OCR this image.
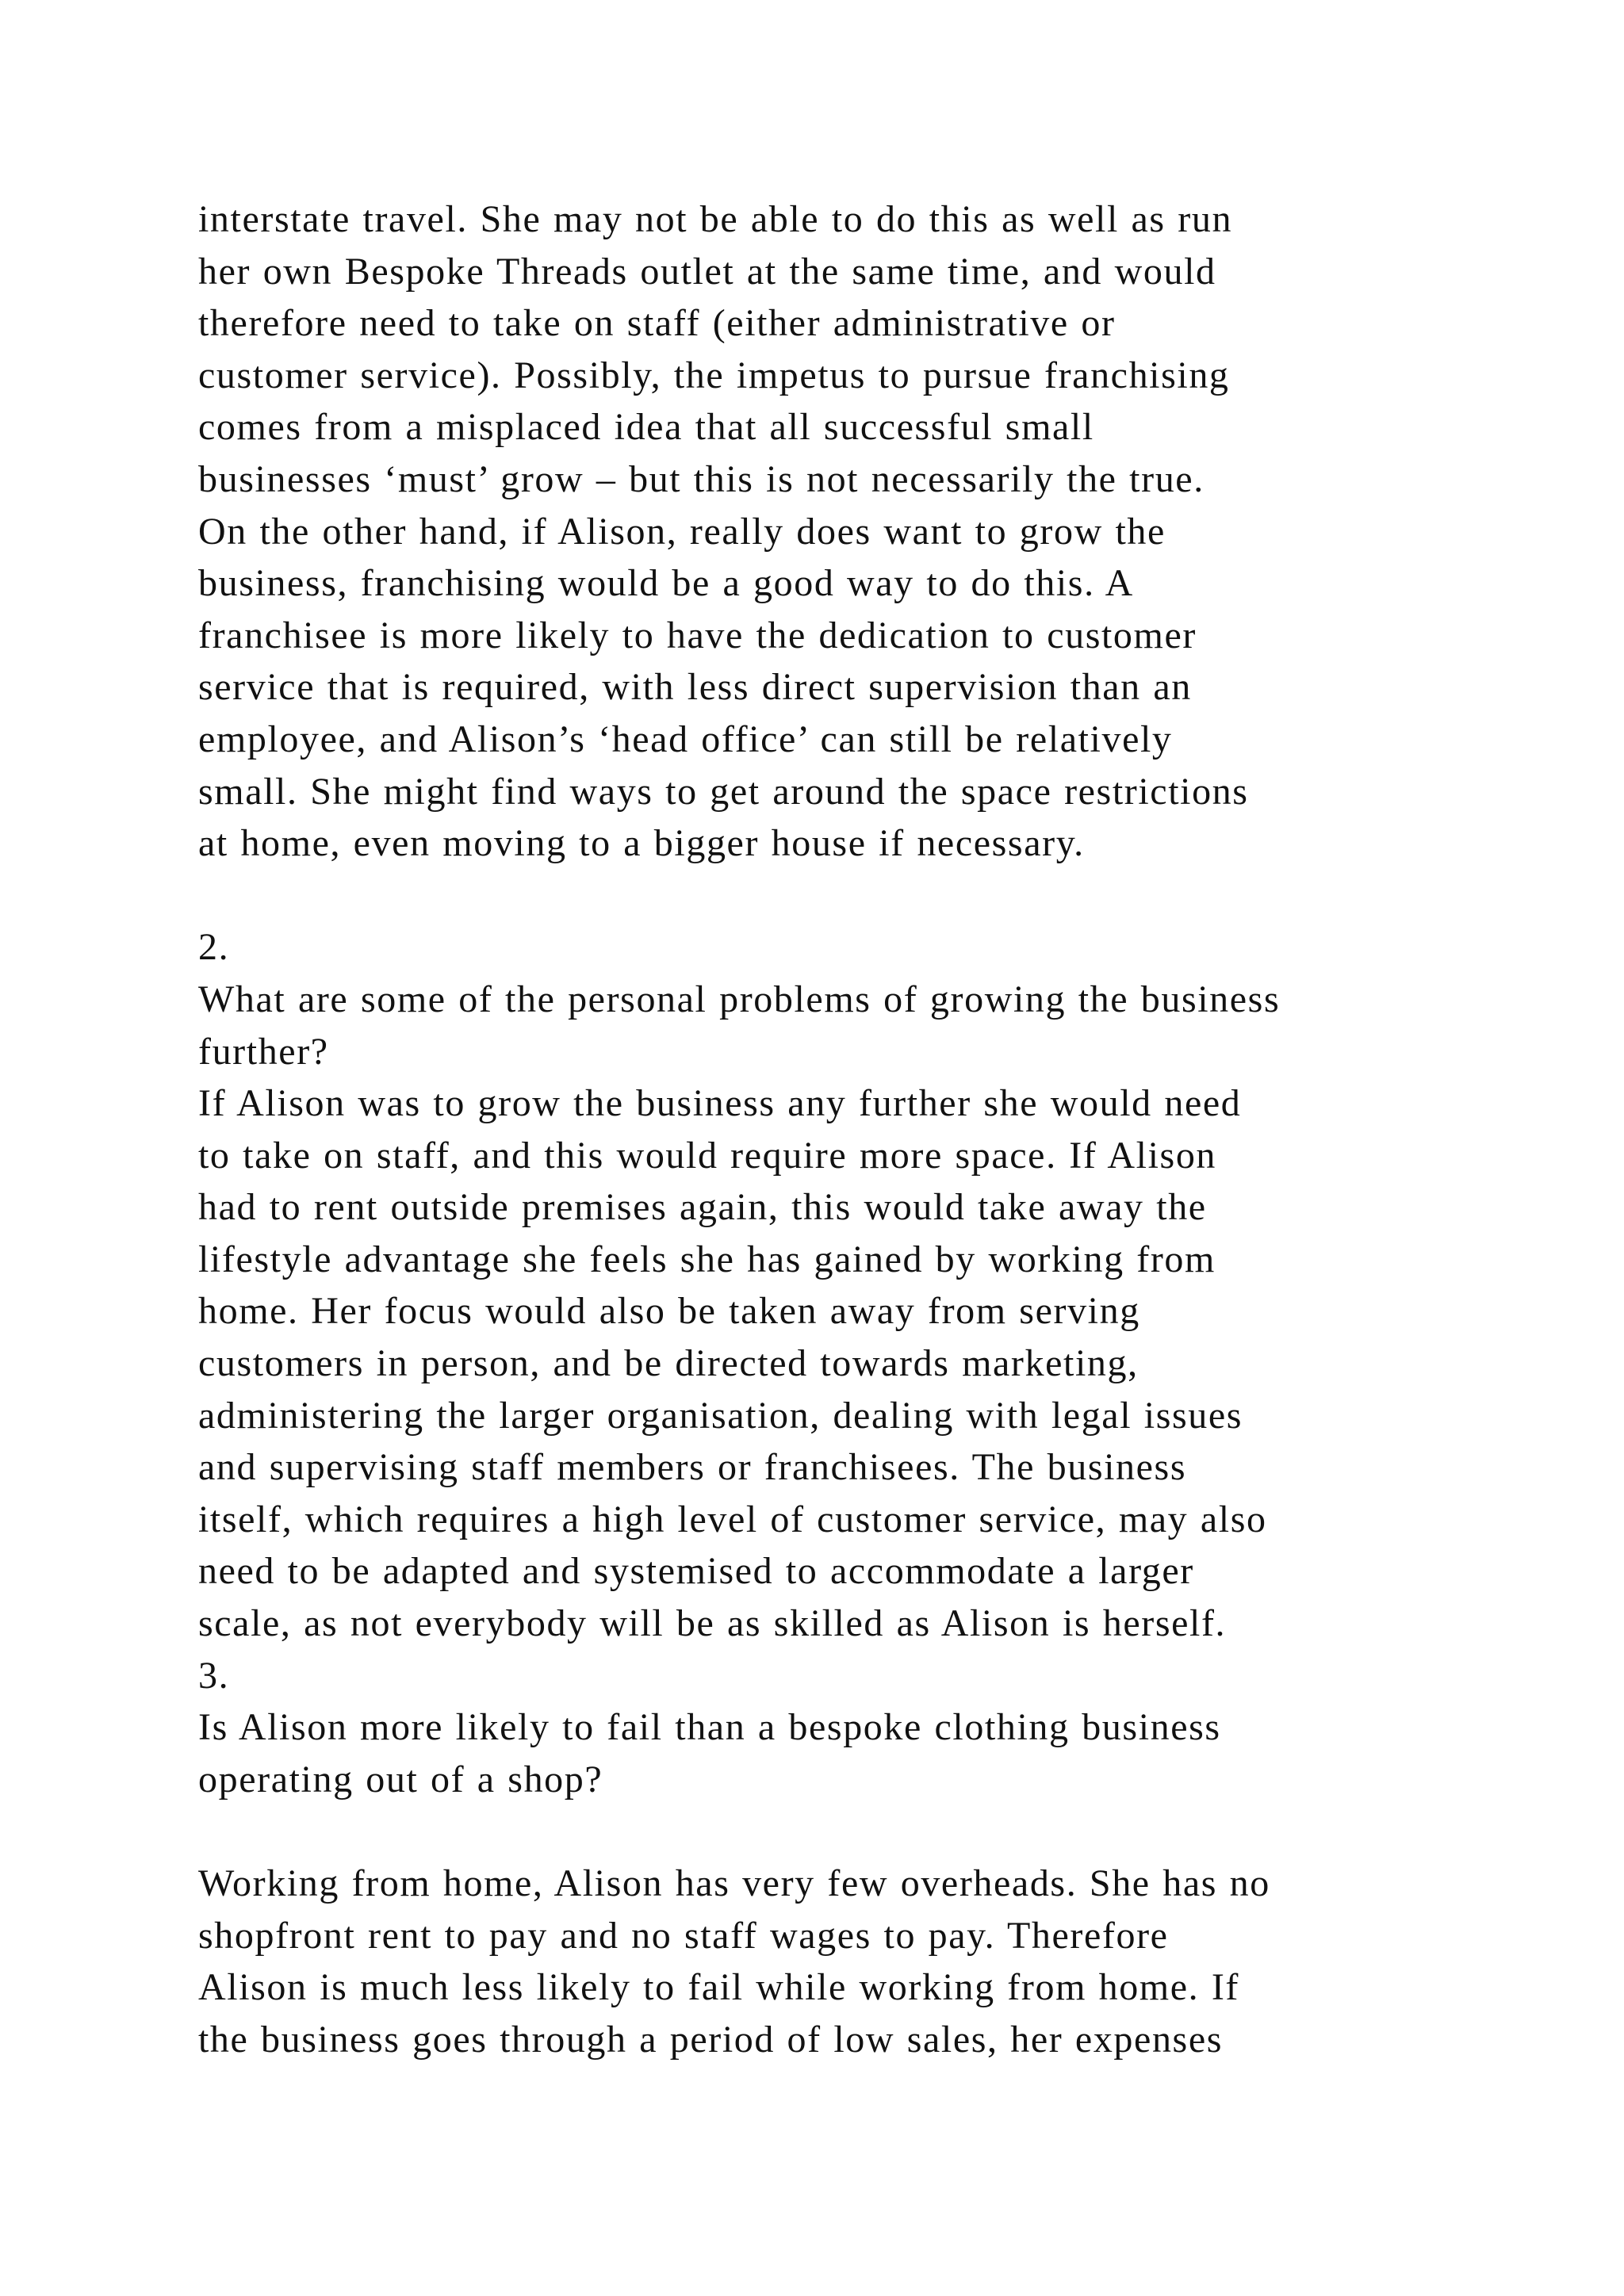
interstate travel. She may not be able to do this as well as run
her own Bespoke Threads outlet at the same time, and would
therefore need to take on staff (either administrative or
customer service). Possibly, the impetus to pursue franchising
comes from a misplaced idea that all successful small
businesses ‘must’ grow – but this is not necessarily the true.
On the other hand, if Alison, really does want to grow the
business, franchising would be a good way to do this. A
franchisee is more likely to have the dedication to customer
service that is required, with less direct supervision than an
employee, and Alison’s ‘head office’ can still be relatively
small. She might find ways to get around the space restrictions
at home, even moving to a bigger house if necessary.
2.
What are some of the personal problems of growing the business
further?
If Alison was to grow the business any further she would need
to take on staff, and this would require more space. If Alison
had to rent outside premises again, this would take away the
lifestyle advantage she feels she has gained by working from
home. Her focus would also be taken away from serving
customers in person, and be directed towards marketing,
administering the larger organisation, dealing with legal issues
and supervising staff members or franchisees. The business
itself, which requires a high level of customer service, may also
need to be adapted and systemised to accommodate a larger
scale, as not everybody will be as skilled as Alison is herself.
3.
Is Alison more likely to fail than a bespoke clothing business
operating out of a shop?
Working from home, Alison has very few overheads. She has no
shopfront rent to pay and no staff wages to pay. Therefore
Alison is much less likely to fail while working from home. If
the business goes through a period of low sales, her expenses
